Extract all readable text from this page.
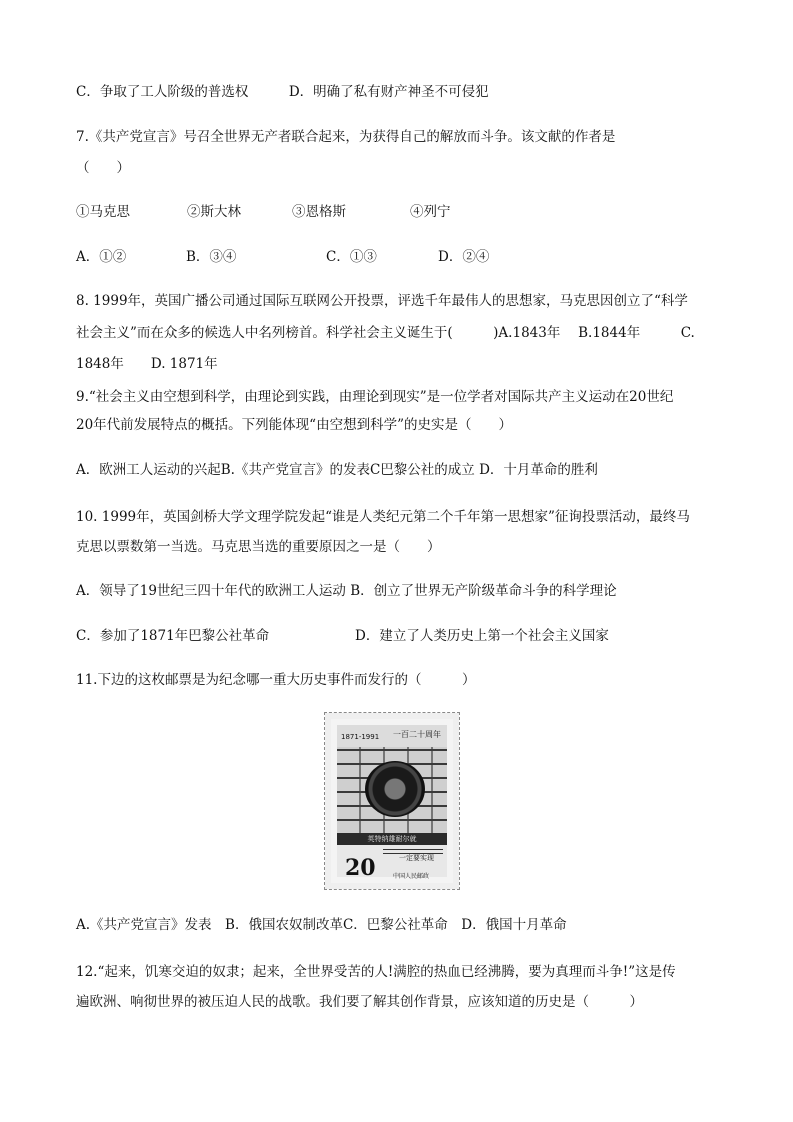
C．争取了工人阶级的普选权　　　D．明确了私有财产神圣不可侵犯
7.《共产党宣言》号召全世界无产者联合起来，为获得自己的解放而斗争。该文献的作者是
（　　）
①马克思	②斯大林	③恩格斯	④列宁
A．①②	B．③④	C．①③	D．②④
8. 1999年，英国广播公司通过国际互联网公开投票，评选千年最伟人的思想家，马克思因创立了“科学
社会主义”而在众多的候选人中名列榜首。科学社会主义诞生于(　　　)A.1843年　 B.1844年　　　C.
1848年　　D. 1871年
9.“社会主义由空想到科学，由理论到实践，由理论到现实”是一位学者对国际共产主义运动在20世纪
20年代前发展特点的概括。下列能体现“由空想到科学”的史实是（　　）
A．欧洲工人运动的兴起B.《共产党宣言》的发表C巴黎公社的成立 D．十月革命的胜利
10. 1999年，英国剑桥大学文理学院发起“谁是人类纪元第二个千年第一思想家”征询投票活动，最终马
克思以票数第一当选。马克思当选的重要原因之一是（　　）
A．领导了19世纪三四十年代的欧洲工人运动 B．创立了世界无产阶级革命斗争的科学理论
C．参加了1871年巴黎公社革命	D．建立了人类历史上第一个社会主义国家
11.下边的这枚邮票是为纪念哪一重大历史事件而发行的（　　　）
1871-1991 一百二十周年
英特纳雄耐尔就
20	一定要实现
中国人民邮政
A.《共产党宣言》发表　B．俄国农奴制改革C．巴黎公社革命　D．俄国十月革命
12.“起来，饥寒交迫的奴隶；起来，全世界受苦的人!满腔的热血已经沸腾，要为真理而斗争!”这是传
遍欧洲、响彻世界的被压迫人民的战歌。我们要了解其创作背景，应该知道的历史是（　　　）
